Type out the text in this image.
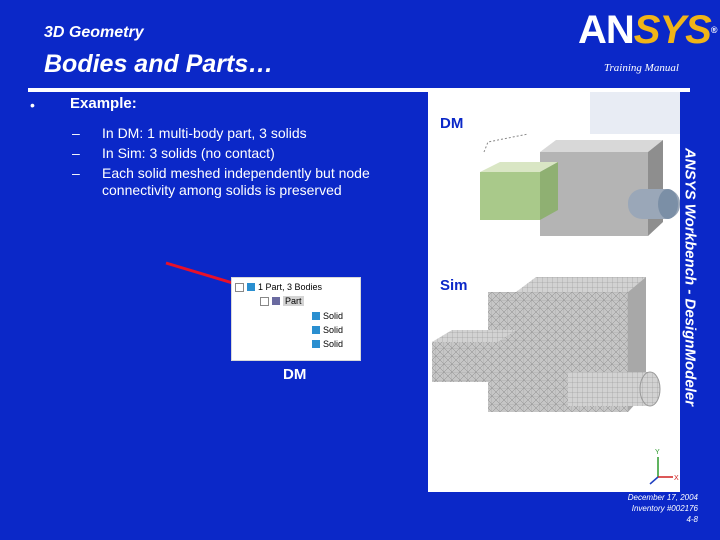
3D Geometry
Bodies and Parts…
ANSYS®
Training Manual
• Example:
– In DM: 1 multi-body part, 3 solids
– In Sim: 3 solids (no contact)
– Each solid meshed independently but node connectivity among solids is preserved
1 Part, 3 Bodies
Part
Solid
Solid
Solid
DM
DM
Sim
Y
X
ANSYS Workbench - DesignModeler
December 17, 2004
Inventory #002176
4-8
